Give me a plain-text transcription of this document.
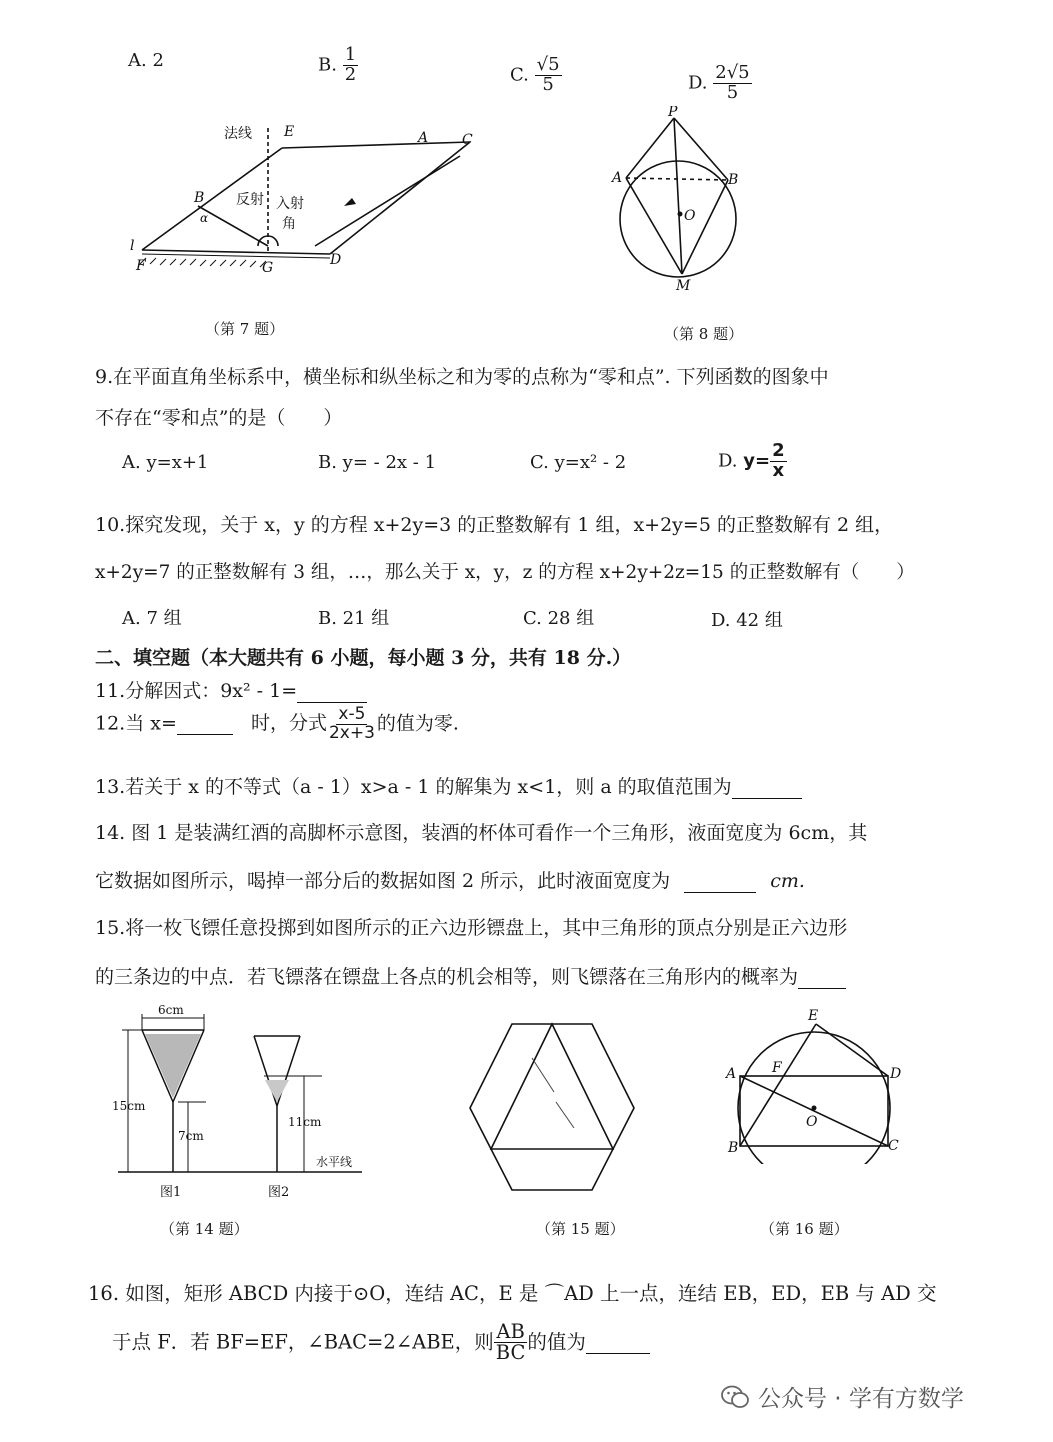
A. 2	B. $\frac{1}{2}$	C. $\frac{√5}{5}$	D. $\frac{2√5}{5}$
法线 E	A C
B
α
反射 入射
角
l
F	G	D
（第 7 题）
P
A	B
O
M
（第 8 题）
9.在平面直角坐标系中，横坐标和纵坐标之和为零的点称为“零和点”. 下列函数的图象中
不存在“零和点”的是（　　）
A. y=x+1	B. y= - 2x - 1	C. y=x² - 2	D. $y= \frac{2}{x}$
10.探究发现，关于 x，y 的方程 x+2y=3 的正整数解有 1 组，x+2y=5 的正整数解有 2 组，
x+2y=7 的正整数解有 3 组，…，那么关于 x，y，z 的方程 x+2y+2z=15 的正整数解有（　　）
A. 7 组	B. 21 组	C. 28 组	D. 42 组
二、填空题（本大题共有 6 小题，每小题 3 分，共有 18 分.）
11.分解因式：9x² - 1=
12.当 x=	时，分式 $\frac{x-5}{2x+3}$ 的值为零.
13.若关于 x 的不等式（a - 1）x>a - 1 的解集为 x<1，则 a 的取值范围为
14. 图 1 是装满红酒的高脚杯示意图，装酒的杯体可看作一个三角形，液面宽度为 6cm，其
它数据如图所示，喝掉一部分后的数据如图 2 所示，此时液面宽度为	cm.
15.将一枚飞镖任意投掷到如图所示的正六边形镖盘上，其中三角形的顶点分别是正六边形
的三条边的中点．若飞镖落在镖盘上各点的机会相等，则飞镖落在三角形内的概率为
6cm
15cm
7cm
11cm
水平线
图1	图2
（第 14 题）	（第 15 题）
E
A	F	D
O
B	C
（第 16 题）
16. 如图，矩形 ABCD 内接于⊙O，连结 AC，E 是 ⌒AD 上一点，连结 EB，ED，EB 与 AD 交
于点 F．若 BF=EF，∠BAC=2∠ABE，则 $\frac{AB}{BC}$ 的值为
公众号 · 学有方数学
